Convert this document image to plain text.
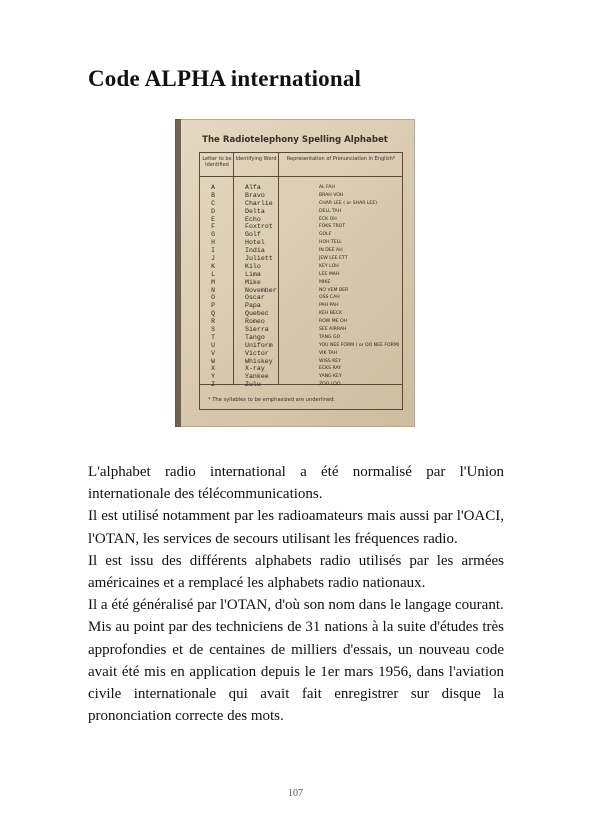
Code ALPHA international
The Radiotelephony Spelling Alphabet
Letter to be Identified
Identifying Word	Representation of Pronunciation in English*
A	Alfa	AL FAH
B	Bravo	BRAH VOH
C	Charlie	CHAR LEE ( or SHAR LEE)
D	Delta	DELL TAH
E	Echo	ECK OH
F	Foxtrot	FOKS TROT
G	Golf	GOLF
H	Hotel	HOH TELL
I	India	IN DEE AH
J	Juliett	JEW LEE ETT
K	Kilo	KEY LOH
L	Lima	LEE MAH
M	Mike	MIKE
N	November	NO VEM BER
O	Oscar	OSS CAH
P	Papa	PAH PAH
Q	Quebec	KEH BECK
R	Romeo	ROW ME OH
S	Sierra	SEE AIRRAH
T	Tango	TANG GO
U	Uniform	YOU NEE FORM ( or OO NEE FORM)
V	Victor	VIK TAH
W	Whiskey	WISS KEY
X	X-ray	ECKS RAY
Y	Yankee	YANG KEY
Z	Zulu	ZOO LOO
* The syllables to be emphasized are underlined.

L'alphabet radio international a été normalisé par l'Union internationale des télécommunications.

Il est utilisé notamment par les radioamateurs mais aussi par l'OACI, l'OTAN, les services de secours utilisant les fréquences radio.

Il est issu des différents alphabets radio utilisés par les armées américaines et a remplacé les alphabets radio nationaux.

Il a été généralisé par l'OTAN, d'où son nom dans le langage courant.

Mis au point par des techniciens de 31 nations à la suite d'études très approfondies et de centaines de milliers d'essais, un nouveau code avait été mis en application depuis le 1er mars 1956, dans l'aviation civile internationale qui avait fait enregistrer sur disque la prononciation correcte des mots.

107
